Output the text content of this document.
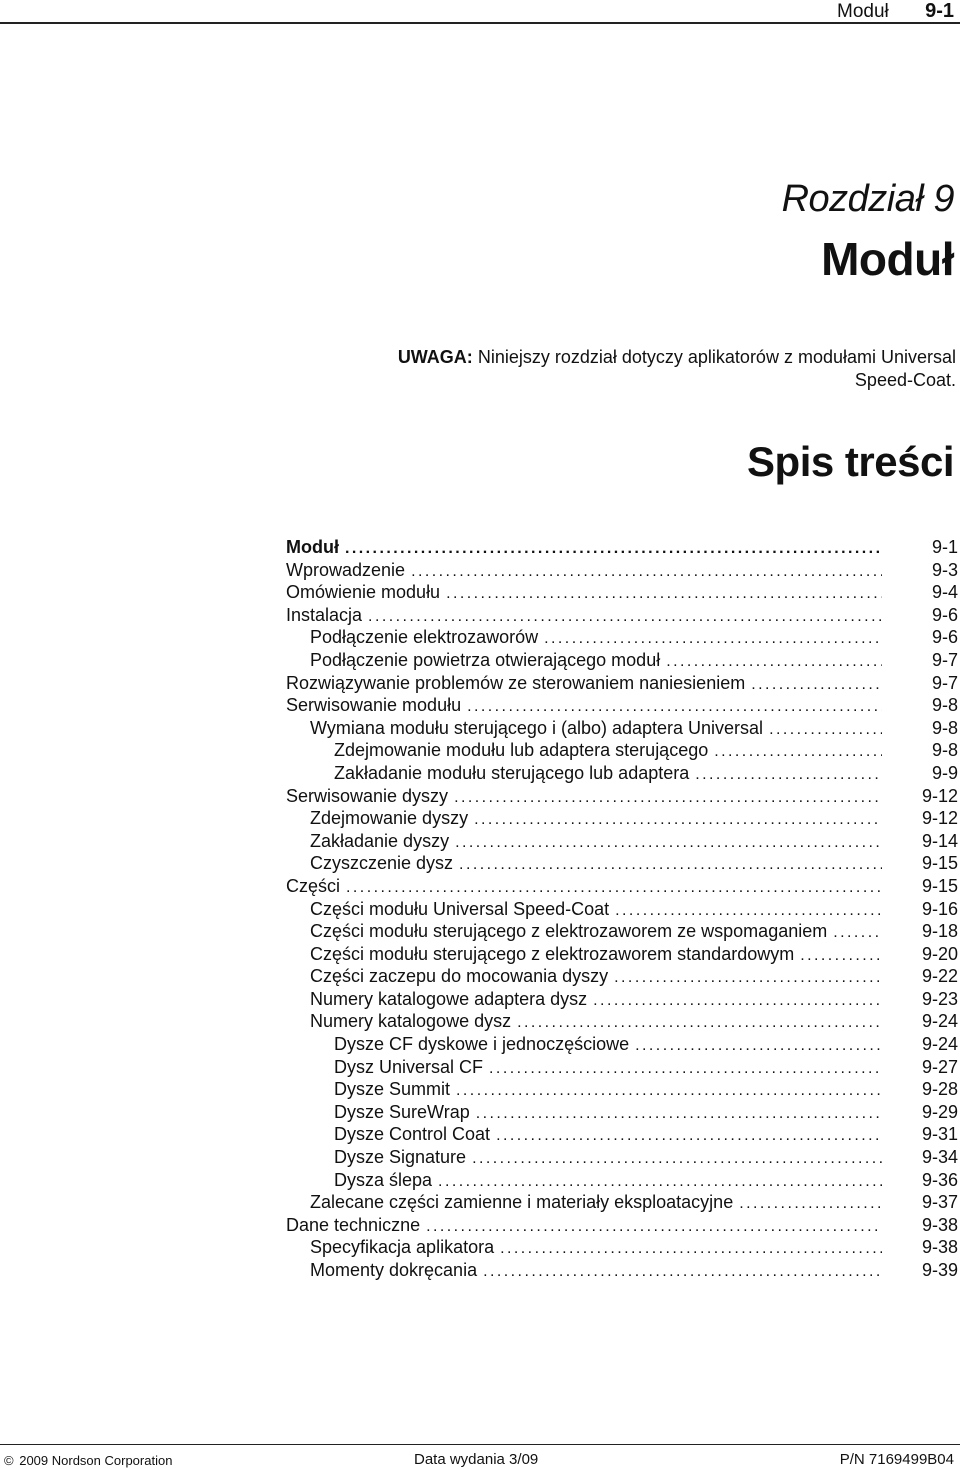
Moduł 9-1
Rozdział 9
Moduł
UWAGA: Niniejszy rozdział dotyczy aplikatorów z modułami Universal
Speed-Coat.
Spis treści
Moduł . . .	9-1
Wprowadzenie . . .	9-3
Omówienie modułu . . .	9-4
Instalacja . . .	9-6
Podłączenie elektrozaworów . . .	9-6
Podłączenie powietrza otwierającego moduł . . .	9-7
Rozwiązywanie problemów ze sterowaniem naniesieniem . . .	9-7
Serwisowanie modułu . . .	9-8
Wymiana modułu sterującego i (albo) adaptera Universal . . .	9-8
Zdejmowanie modułu lub adaptera sterującego . . .	9-8
Zakładanie modułu sterującego lub adaptera . . .	9-9
Serwisowanie dyszy . . .	9-12
Zdejmowanie dyszy . . .	9-12
Zakładanie dyszy . . .	9-14
Czyszczenie dysz . . .	9-15
Części . . .	9-15
Części modułu Universal Speed-Coat . . .	9-16
Części modułu sterującego z elektrozaworem ze wspomaganiem . . .	9-18
Części modułu sterującego z elektrozaworem standardowym . . .	9-20
Części zaczepu do mocowania dyszy . . .	9-22
Numery katalogowe adaptera dysz . . .	9-23
Numery katalogowe dysz . . .	9-24
Dysze CF dyskowe i jednoczęściowe . . .	9-24
Dysz Universal CF . . .	9-27
Dysze Summit . . .	9-28
Dysze SureWrap . . .	9-29
Dysze Control Coat . . .	9-31
Dysze Signature . . .	9-34
Dysza ślepa . . .	9-36
Zalecane części zamienne i materiały eksploatacyjne . . .	9-37
Dane techniczne . . .	9-38
Specyfikacja aplikatora . . .	9-38
Momenty dokręcania . . .	9-39
© 2009 Nordson Corporation	Data wydania 3/09	P/N 7169499B04
